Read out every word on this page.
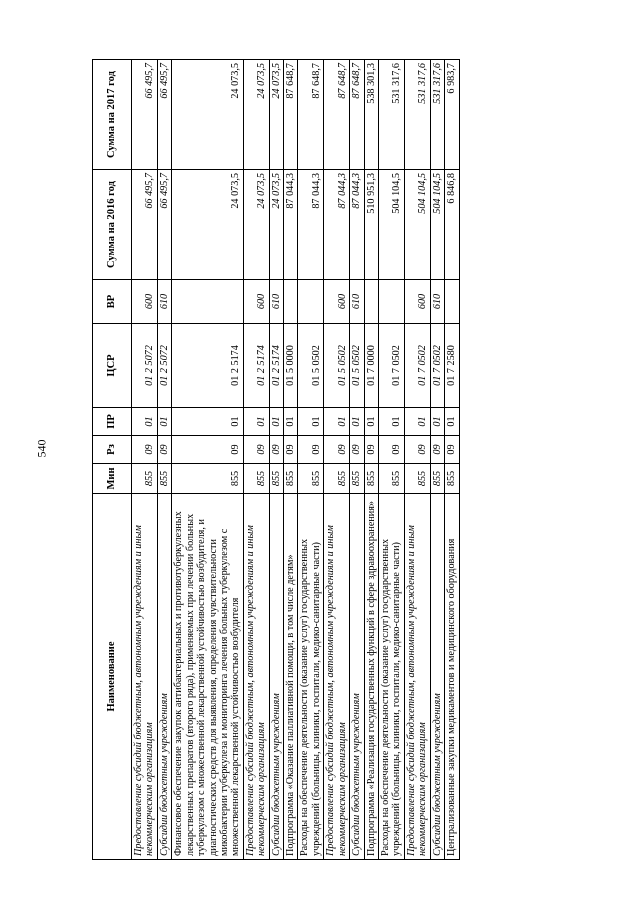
540
Наименование	Мин	Рз	ПР	ЦСР	ВР	Сумма на 2016 год	Сумма на 2017 год
Предоставление субсидий бюджетным, автономным учреждениям и иным некоммерческим организациям	855	09	01	01 2 5072	600	66 495,7	66 495,7
Субсидии бюджетным учреждениям	855	09	01	01 2 5072	610	66 495,7	66 495,7
Финансовое обеспечение закупок антибактериальных и противотуберкулезных лекарственных препаратов (второго ряда), применяемых при лечении больных туберкулезом с множественной лекарственной устойчивостью возбудителя, и диагностических средств для выявления, определения чувствительности микобактерии туберкулеза и мониторинга лечения больных туберкулезом с множественной лекарственной устойчивостью возбудителя	855	09	01	01 2 5174		24 073,5	24 073,5
Предоставление субсидий бюджетным, автономным учреждениям и иным некоммерческим организациям	855	09	01	01 2 5174	600	24 073,5	24 073,5
Субсидии бюджетным учреждениям	855	09	01	01 2 5174	610	24 073,5	24 073,5
Подпрограмма «Оказание паллиативной помощи, в том числе детям»	855	09	01	01 5 0000		87 044,3	87 648,7
Расходы на обеспечение деятельности (оказание услуг) государственных учреждений (больницы, клиники, госпитали, медико-санитарные части)	855	09	01	01 5 0502		87 044,3	87 648,7
Предоставление субсидий бюджетным, автономным учреждениям и иным некоммерческим организациям	855	09	01	01 5 0502	600	87 044,3	87 648,7
Субсидии бюджетным учреждениям	855	09	01	01 5 0502	610	87 044,3	87 648,7
Подпрограмма «Реализация государственных функций в сфере здравоохранения»	855	09	01	01 7 0000		510 951,3	538 301,3
Расходы на обеспечение деятельности (оказание услуг) государственных учреждений (больницы, клиники, госпитали, медико-санитарные части)	855	09	01	01 7 0502		504 104,5	531 317,6
Предоставление субсидий бюджетным, автономным учреждениям и иным некоммерческим организациям	855	09	01	01 7 0502	600	504 104,5	531 317,6
Субсидии бюджетным учреждениям	855	09	01	01 7 0502	610	504 104,5	531 317,6
Централизованные закупки медикаментов и медицинского оборудования	855	09	01	01 7 2580		6 846,8	6 983,7
